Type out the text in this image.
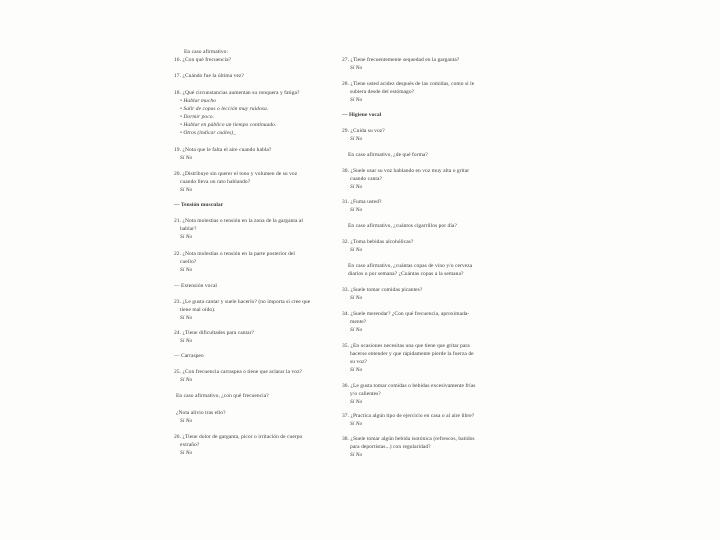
En caso afirmativo:
16. ¿Con qué frecuencia?
17. ¿Cuándo fue la última vez?
18. ¿Qué circunstancias aumentan su ronquera y fatiga?
• Hablar mucho
• Salir de copas o lección muy ruidosa.
• Dormir poco.
• Hablar en público un tiempo continuado.
• Otros (indicar cuáles)_
19. ¿Nota que le falta el aire cuando habla?
Sí No
20. ¿Distribuye sin querer el tono y volumen de su voz
cuando lleva un rato hablando?
Sí No
— Tensión muscular
21. ¿Nota molestias o tensión en la zona de la garganta al
hablar?
Sí No
22. ¿Nota molestias o tensión en la parte posterior del
cuello?
Sí No
— Extensión vocal
23. ¿Le gusta cantar y suele hacerlo? (no importa si cree que
tiene mal oído).
Sí No
24. ¿Tiene dificultades para cantar?
Sí No
— Carraspeo
25. ¿Con frecuencia carraspea o tiene que aclarar la voz?
Sí No
En caso afirmativo, ¿con qué frecuencia?
¿Nota alivio tras ello?
Sí No
26. ¿Tiene dolor de garganta, picor o irritación de cuerpo
extraño?
Sí No
27. ¿Tiene frecuentemente sequedad en la garganta?
Sí No
28. ¿Tiene usted acidez después de las comidas, como si le
subiera desde del estómago?
Sí No
— Higiene vocal
29. ¿Cuida su voz?
Sí No
En caso afirmativo, ¿de qué forma?
30. ¿Suele usar su voz hablando en voz muy alta o gritar
cuando canta?
Sí No
31. ¿Fuma usted?
Sí No
En caso afirmativo, ¿cuántos cigarrillos por día?
32. ¿Toma bebidas alcohólicas?
Sí No
En caso afirmativo, ¿cuántas copas de vino y/o cerveza
diarios o por semana? ¿Cuántas copas a la semana?
33. ¿Suele tomar comidas picantes?
Sí No
34. ¿Suele merendar? ¿Con qué frecuencia, aproximada-
mente?
Sí No
35. ¿En ocasiones necesitas una que tiene que gritar para
hacerse entender y que rápidamente pierde la fuerza de
su voz?
Sí No
36. ¿Le gusta tomar comidas o bebidas excesivamente frías
y/o calientes?
Sí No
37. ¿Practica algún tipo de ejercicio en casa o al aire libre?
Sí No
38. ¿Suele tomar algún bebida isotónica (refrescos, batidos
para deportistas...) con regularidad?
Sí No
